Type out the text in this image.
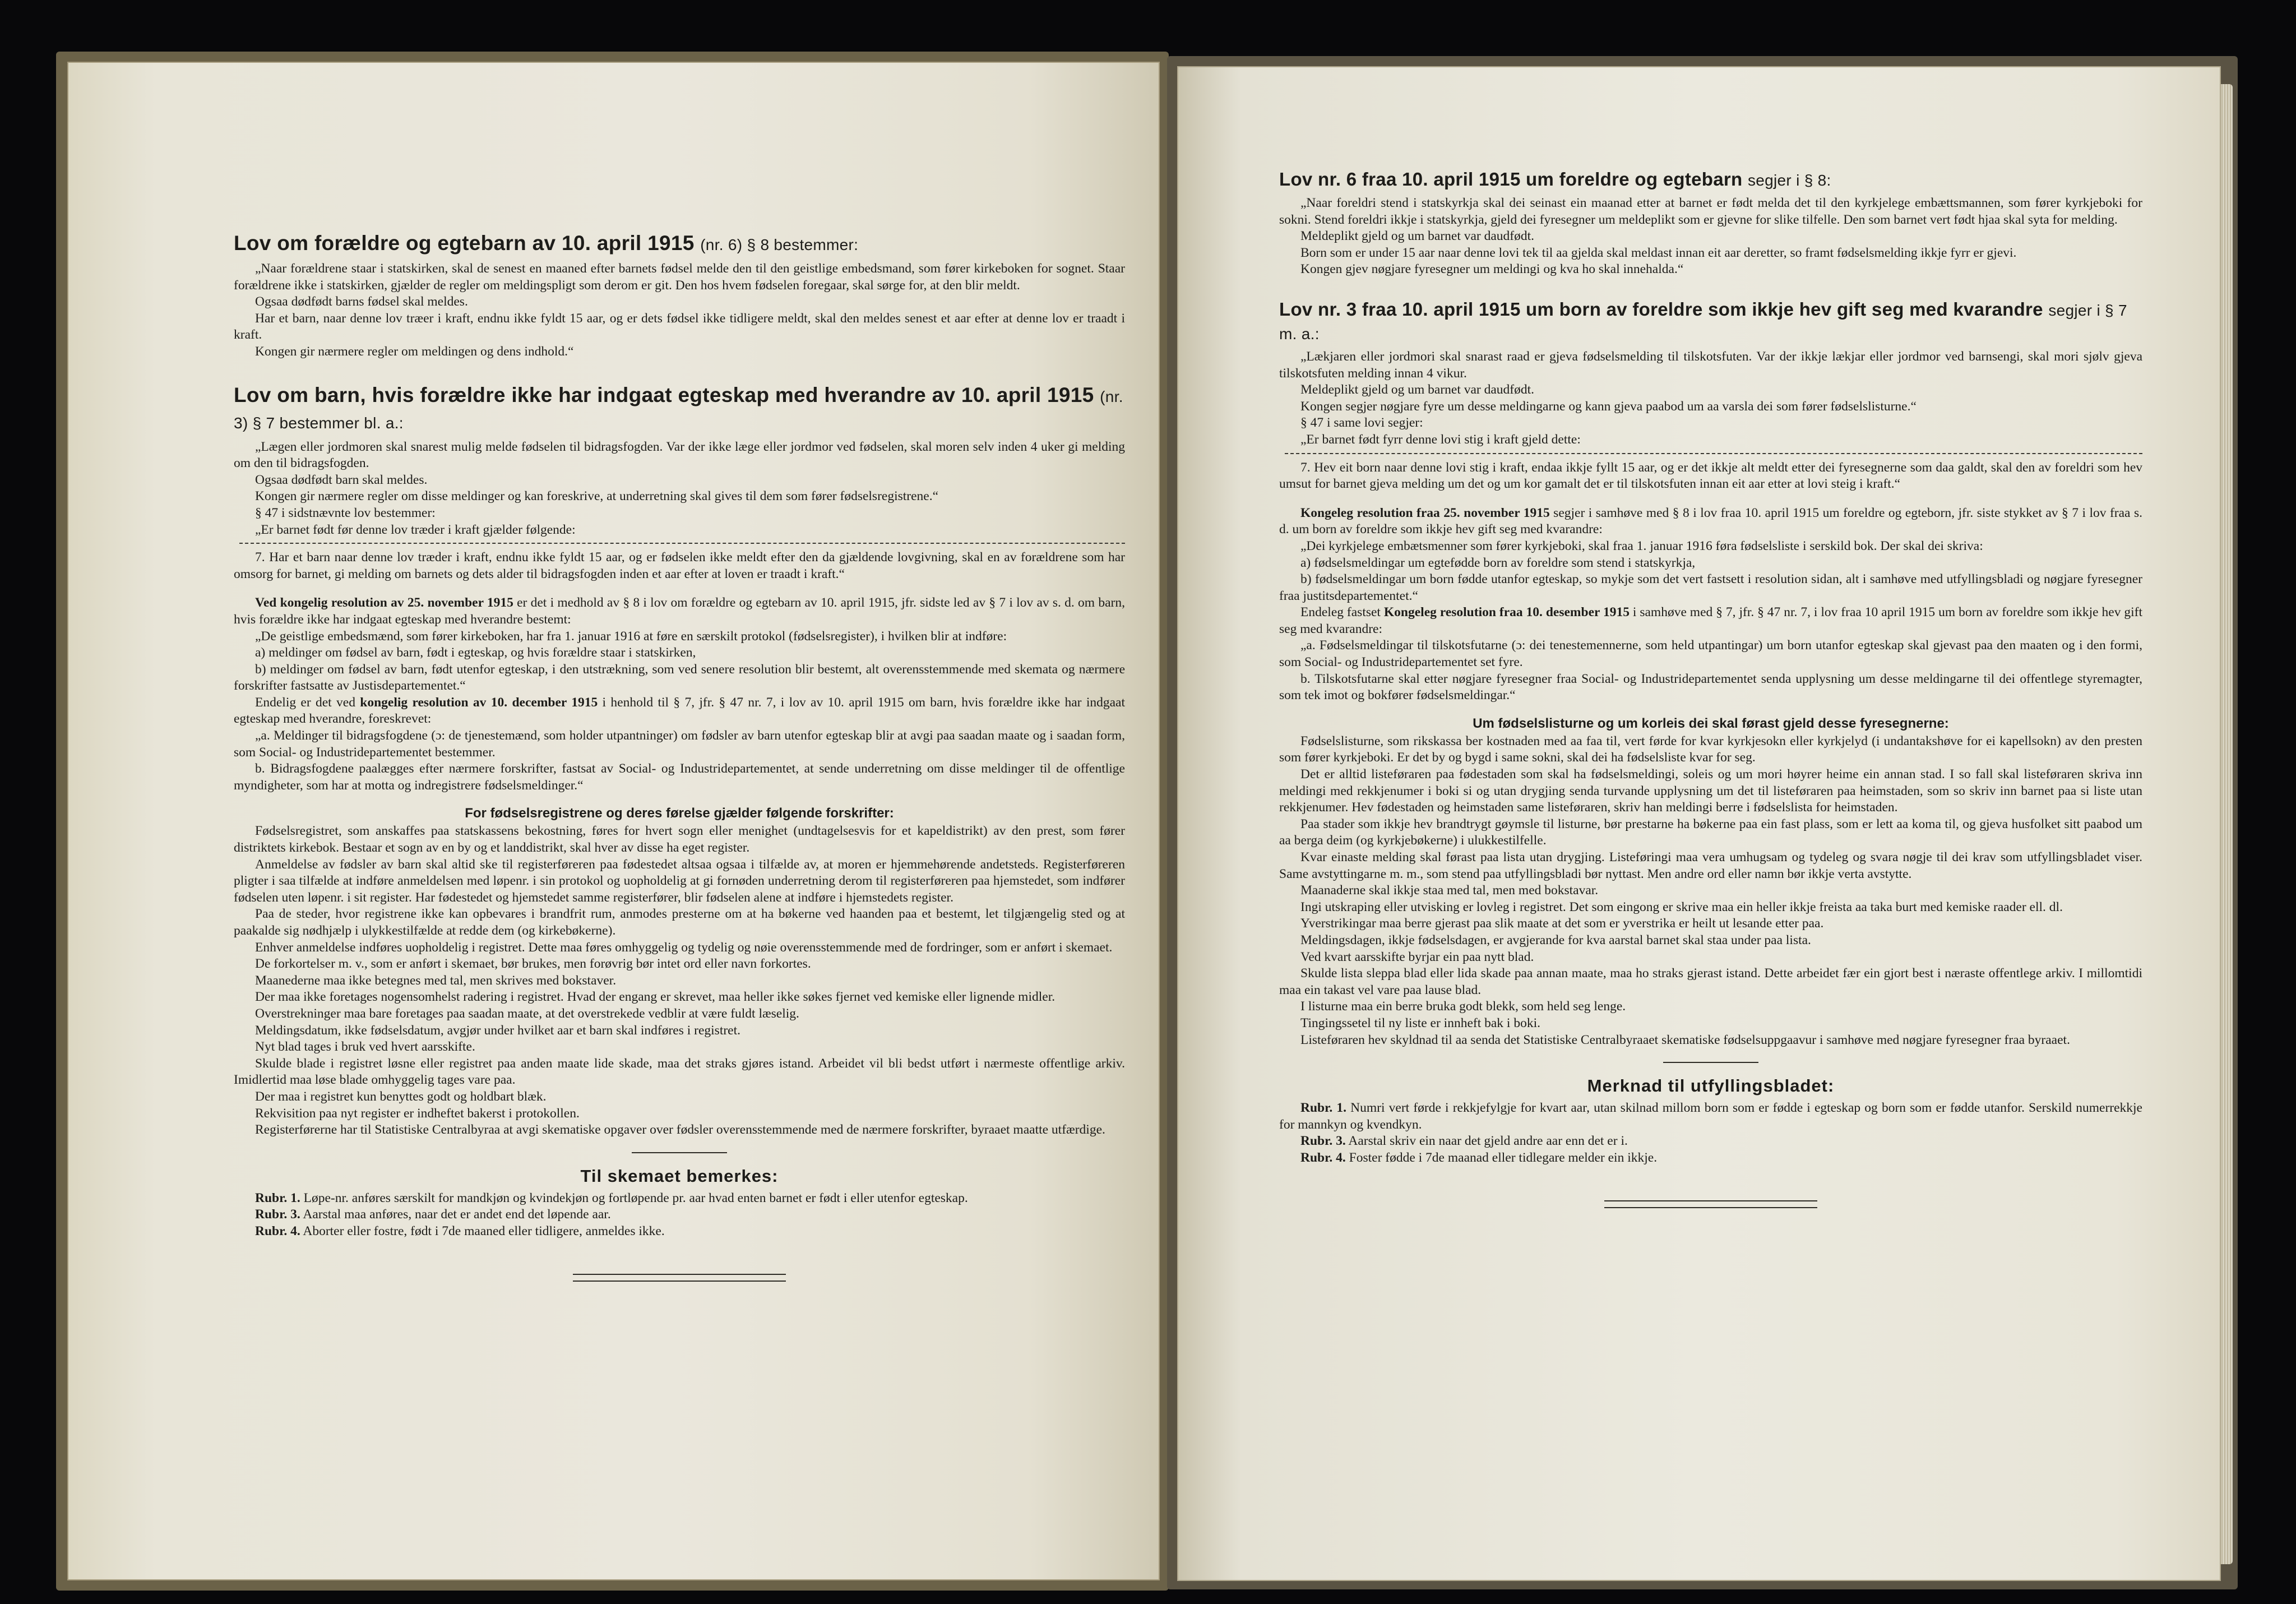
Lov om forældre og egtebarn av 10. april 1915 (nr. 6) § 8 bestemmer:

„Naar forældrene staar i statskirken, skal de senest en maaned efter barnets fødsel melde den til den geistlige embedsmand, som fører kirkeboken for sognet. Staar forældrene ikke i statskirken, gjælder de regler om meldingspligt som derom er git. Den hos hvem fødselen foregaar, skal sørge for, at den blir meldt.

Ogsaa dødfødt barns fødsel skal meldes.

Har et barn, naar denne lov træer i kraft, endnu ikke fyldt 15 aar, og er dets fødsel ikke tidligere meldt, skal den meldes senest et aar efter at denne lov er traadt i kraft.

Kongen gir nærmere regler om meldingen og dens indhold.“

Lov om barn, hvis forældre ikke har indgaat egteskap med hverandre av 10. april 1915 (nr. 3) § 7 bestemmer bl. a.:

„Lægen eller jordmoren skal snarest mulig melde fødselen til bidragsfogden. Var der ikke læge eller jordmor ved fødselen, skal moren selv inden 4 uker gi melding om den til bidragsfogden.

Ogsaa dødfødt barn skal meldes.

Kongen gir nærmere regler om disse meldinger og kan foreskrive, at underretning skal gives til dem som fører fødselsregistrene.“

§ 47 i sidstnævnte lov bestemmer:

„Er barnet født før denne lov træder i kraft gjælder følgende:

7. Har et barn naar denne lov træder i kraft, endnu ikke fyldt 15 aar, og er fødselen ikke meldt efter den da gjældende lovgivning, skal en av forældrene som har omsorg for barnet, gi melding om barnets og dets alder til bidragsfogden inden et aar efter at loven er traadt i kraft.“

Ved kongelig resolution av 25. november 1915 er det i medhold av § 8 i lov om forældre og egtebarn av 10. april 1915, jfr. sidste led av § 7 i lov av s. d. om barn, hvis forældre ikke har indgaat egteskap med hverandre bestemt:

„De geistlige embedsmænd, som fører kirkeboken, har fra 1. januar 1916 at føre en særskilt protokol (fødselsregister), i hvilken blir at indføre:

a) meldinger om fødsel av barn, født i egteskap, og hvis forældre staar i statskirken,

b) meldinger om fødsel av barn, født utenfor egteskap, i den utstrækning, som ved senere resolution blir bestemt, alt overensstemmende med skemata og nærmere forskrifter fastsatte av Justisdepartementet.“

Endelig er det ved kongelig resolution av 10. december 1915 i henhold til § 7, jfr. § 47 nr. 7, i lov av 10. april 1915 om barn, hvis forældre ikke har indgaat egteskap med hverandre, foreskrevet:

„a. Meldinger til bidragsfogdene (ɔ: de tjenestemænd, som holder utpantninger) om fødsler av barn utenfor egteskap blir at avgi paa saadan maate og i saadan form, som Social- og Industridepartementet bestemmer.

b. Bidragsfogdene paalægges efter nærmere forskrifter, fastsat av Social- og Industridepartementet, at sende underretning om disse meldinger til de offentlige myndigheter, som har at motta og indregistrere fødselsmeldinger.“

For fødselsregistrene og deres førelse gjælder følgende forskrifter:

Fødselsregistret, som anskaffes paa statskassens bekostning, føres for hvert sogn eller menighet (undtagelsesvis for et kapeldistrikt) av den prest, som fører distriktets kirkebok. Bestaar et sogn av en by og et landdistrikt, skal hver av disse ha eget register.

Anmeldelse av fødsler av barn skal altid ske til registerføreren paa fødestedet altsaa ogsaa i tilfælde av, at moren er hjemmehørende andetsteds. Registerføreren pligter i saa tilfælde at indføre anmeldelsen med løpenr. i sin protokol og uopholdelig at gi fornøden underretning derom til registerføreren paa hjemstedet, som indfører fødselen uten løpenr. i sit register. Har fødestedet og hjemstedet samme registerfører, blir fødselen alene at indføre i hjemstedets register.

Paa de steder, hvor registrene ikke kan opbevares i brandfrit rum, anmodes presterne om at ha bøkerne ved haanden paa et bestemt, let tilgjængelig sted og at paakalde sig nødhjælp i ulykkestilfælde at redde dem (og kirkebøkerne).

Enhver anmeldelse indføres uopholdelig i registret. Dette maa føres omhyggelig og tydelig og nøie overensstemmende med de fordringer, som er anført i skemaet.

De forkortelser m. v., som er anført i skemaet, bør brukes, men forøvrig bør intet ord eller navn forkortes.

Maanederne maa ikke betegnes med tal, men skrives med bokstaver.

Der maa ikke foretages nogensomhelst radering i registret. Hvad der engang er skrevet, maa heller ikke søkes fjernet ved kemiske eller lignende midler.

Overstrekninger maa bare foretages paa saadan maate, at det overstrekede vedblir at være fuldt læselig.

Meldingsdatum, ikke fødselsdatum, avgjør under hvilket aar et barn skal indføres i registret.

Nyt blad tages i bruk ved hvert aarsskifte.

Skulde blade i registret løsne eller registret paa anden maate lide skade, maa det straks gjøres istand. Arbeidet vil bli bedst utført i nærmeste offentlige arkiv. Imidlertid maa løse blade omhyggelig tages vare paa.

Der maa i registret kun benyttes godt og holdbart blæk.

Rekvisition paa nyt register er indheftet bakerst i protokollen.

Registerførerne har til Statistiske Centralbyraa at avgi skematiske opgaver over fødsler overensstemmende med de nærmere forskrifter, byraaet maatte utfærdige.

Til skemaet bemerkes:

Rubr. 1. Løpe-nr. anføres særskilt for mandkjøn og kvindekjøn og fortløpende pr. aar hvad enten barnet er født i eller utenfor egteskap.

Rubr. 3. Aarstal maa anføres, naar det er andet end det løpende aar.

Rubr. 4. Aborter eller fostre, født i 7de maaned eller tidligere, anmeldes ikke.

Lov nr. 6 fraa 10. april 1915 um foreldre og egtebarn segjer i § 8:

„Naar foreldri stend i statskyrkja skal dei seinast ein maanad etter at barnet er født melda det til den kyrkjelege embættsmannen, som fører kyrkjeboki for sokni. Stend foreldri ikkje i statskyrkja, gjeld dei fyresegner um meldeplikt som er gjevne for slike tilfelle. Den som barnet vert født hjaa skal syta for melding.

Meldeplikt gjeld og um barnet var daudfødt.

Born som er under 15 aar naar denne lovi tek til aa gjelda skal meldast innan eit aar deretter, so framt fødselsmelding ikkje fyrr er gjevi.

Kongen gjev nøgjare fyresegner um meldingi og kva ho skal innehalda.“

Lov nr. 3 fraa 10. april 1915 um born av foreldre som ikkje hev gift seg med kvarandre segjer i § 7 m. a.:

„Lækjaren eller jordmori skal snarast raad er gjeva fødselsmelding til tilskotsfuten. Var der ikkje lækjar eller jordmor ved barnsengi, skal mori sjølv gjeva tilskotsfuten melding innan 4 vikur.

Meldeplikt gjeld og um barnet var daudfødt.

Kongen segjer nøgjare fyre um desse meldingarne og kann gjeva paabod um aa varsla dei som fører fødselslisturne.“

§ 47 i same lovi segjer:

„Er barnet født fyrr denne lovi stig i kraft gjeld dette:

7. Hev eit born naar denne lovi stig i kraft, endaa ikkje fyllt 15 aar, og er det ikkje alt meldt etter dei fyresegnerne som daa galdt, skal den av foreldri som hev umsut for barnet gjeva melding um det og um kor gamalt det er til tilskotsfuten innan eit aar etter at lovi steig i kraft.“

Kongeleg resolution fraa 25. november 1915 segjer i samhøve med § 8 i lov fraa 10. april 1915 um foreldre og egteborn, jfr. siste stykket av § 7 i lov fraa s. d. um born av foreldre som ikkje hev gift seg med kvarandre:

„Dei kyrkjelege embætsmenner som fører kyrkjeboki, skal fraa 1. januar 1916 føra fødselsliste i serskild bok. Der skal dei skriva:

a) fødselsmeldingar um egtefødde born av foreldre som stend i statskyrkja,

b) fødselsmeldingar um born fødde utanfor egteskap, so mykje som det vert fastsett i resolution sidan, alt i samhøve med utfyllingsbladi og nøgjare fyresegner fraa justitsdepartementet.“

Endeleg fastset Kongeleg resolution fraa 10. desember 1915 i samhøve med § 7, jfr. § 47 nr. 7, i lov fraa 10 april 1915 um born av foreldre som ikkje hev gift seg med kvarandre:

„a. Fødselsmeldingar til tilskotsfutarne (ɔ: dei tenestemennerne, som held utpantingar) um born utanfor egteskap skal gjevast paa den maaten og i den formi, som Social- og Industridepartementet set fyre.

b. Tilskotsfutarne skal etter nøgjare fyresegner fraa Social- og Industridepartementet senda upplysning um desse meldingarne til dei offentlege styremagter, som tek imot og bokfører fødselsmeldingar.“

Um fødselslisturne og um korleis dei skal førast gjeld desse fyresegnerne:

Fødselslisturne, som rikskassa ber kostnaden med aa faa til, vert førde for kvar kyrkjesokn eller kyrkjelyd (i undantakshøve for ei kapellsokn) av den presten som fører kyrkjeboki. Er det by og bygd i same sokni, skal dei ha fødselsliste kvar for seg.

Det er alltid listeføraren paa fødestaden som skal ha fødselsmeldingi, soleis og um mori høyrer heime ein annan stad. I so fall skal listeføraren skriva inn meldingi med rekkjenumer i boki si og utan drygjing senda turvande upplysning um det til listeføraren paa heimstaden, som so skriv inn barnet paa si liste utan rekkjenumer. Hev fødestaden og heimstaden same listeføraren, skriv han meldingi berre i fødselslista for heimstaden.

Paa stader som ikkje hev brandtrygt gøymsle til listurne, bør prestarne ha bøkerne paa ein fast plass, som er lett aa koma til, og gjeva husfolket sitt paabod um aa berga deim (og kyrkjebøkerne) i ulukkestilfelle.

Kvar einaste melding skal førast paa lista utan drygjing. Listeføringi maa vera umhugsam og tydeleg og svara nøgje til dei krav som utfyllingsbladet viser. Same avstyttingarne m. m., som stend paa utfyllingsbladi bør nyttast. Men andre ord eller namn bør ikkje verta avstytte.

Maanaderne skal ikkje staa med tal, men med bokstavar.

Ingi utskraping eller utvisking er lovleg i registret. Det som eingong er skrive maa ein heller ikkje freista aa taka burt med kemiske raader ell. dl.

Yverstrikingar maa berre gjerast paa slik maate at det som er yverstrika er heilt ut lesande etter paa.

Meldingsdagen, ikkje fødselsdagen, er avgjerande for kva aarstal barnet skal staa under paa lista.

Ved kvart aarsskifte byrjar ein paa nytt blad.

Skulde lista sleppa blad eller lida skade paa annan maate, maa ho straks gjerast istand. Dette arbeidet fær ein gjort best i næraste offentlege arkiv. I millomtidi maa ein takast vel vare paa lause blad.

I listurne maa ein berre bruka godt blekk, som held seg lenge.

Tingingssetel til ny liste er innheft bak i boki.

Listeføraren hev skyldnad til aa senda det Statistiske Centralbyraaet skematiske fødselsuppgaavur i samhøve med nøgjare fyresegner fraa byraaet.

Merknad til utfyllingsbladet:

Rubr. 1. Numri vert førde i rekkjefylgje for kvart aar, utan skilnad millom born som er fødde i egteskap og born som er fødde utanfor. Serskild numerrekkje for mannkyn og kvendkyn.

Rubr. 3. Aarstal skriv ein naar det gjeld andre aar enn det er i.

Rubr. 4. Foster fødde i 7de maanad eller tidlegare melder ein ikkje.
